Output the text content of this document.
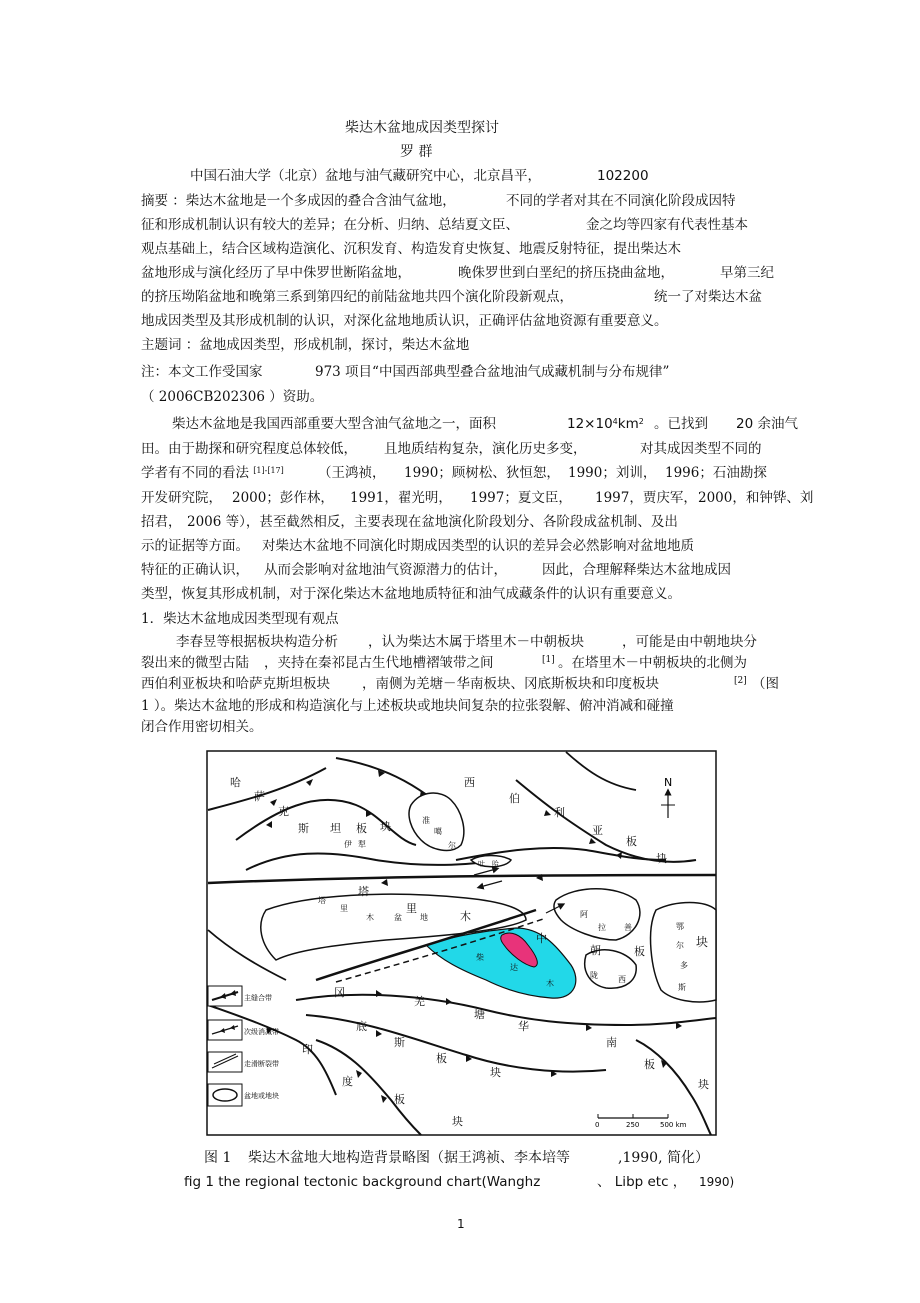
柴达木盆地成因类型探讨
罗 群
中国石油大学（北京）盆地与油气藏研究中心，北京昌平，	102200
摘要 ：柴达木盆地是一个多成因的叠合含油气盆地，	不同的学者对其在不同演化阶段成因特
征和形成机制认识有较大的差异；在分析、归纳、总结夏文臣、	金之均等四家有代表性基本
观点基础上，结合区域构造演化、沉积发育、构造发育史恢复、地震反射特征，提出柴达木
盆地形成与演化经历了早中侏罗世断陷盆地，	晚侏罗世到白垩纪的挤压挠曲盆地，	早第三纪
的挤压坳陷盆地和晚第三系到第四纪的前陆盆地共四个演化阶段新观点，	统一了对柴达木盆
地成因类型及其形成机制的认识，对深化盆地地质认识，正确评估盆地资源有重要意义。
主题词 ：盆地成因类型，形成机制，探讨，柴达木盆地
注：本文工作受国家	973 项目“中国西部典型叠合盆地油气成藏机制与分布规律”
（ 2006CB202306 ）资助。
柴达木盆地是我国西部重要大型含油气盆地之一，面积	$12\times 10^4km^2$ 。已找到 20 余油气
田。由于勘探和研究程度总体较低， 且地质结构复杂，演化历史多变，	对其成因类型不同的
学者有不同的看法 [1]-[17]	（王鸿祯， 1990；顾树松、狄恒恕， 1990；刘训， 1996；石油勘探
开发研究院， 2000；彭作林， 1991，翟光明， 1997；夏文臣， 1997，贾庆军， 2000，和钟铧、刘
招君， 2006 等），甚至截然相反，主要表现在盆地演化阶段划分、各阶段成盆机制、及出
示的证据等方面。 对柴达木盆地不同演化时期成因类型的认识的差异会必然影响对盆地地质
特征的正确认识， 从而会影响对盆地油气资源潜力的估计，	因此，合理解释柴达木盆地成因
类型，恢复其形成机制，对于深化柴达木盆地地质特征和油气成藏条件的认识有重要意义。
1．柴达木盆地成因类型现有观点
李春昱等根据板块构造分析 ，认为柴达木属于塔里木－中朝板块	，可能是由中朝地块分
裂出来的微型古陆 ，夹持在秦祁昆古生代地槽褶皱带之间	[1] 。在塔里木－中朝板块的北侧为
西伯利亚板块和哈萨克斯坦板块 ，南侧为羌塘－华南板块、冈底斯板块和印度板块	[2] （图
1 ）。柴达木盆地的形成和构造演化与上述板块或地块间复杂的拉张裂解、俯冲消减和碰撞
闭合作用密切相关。
N
哈
萨
克
斯 坦 板 块
伊 犁
西
伯
利
亚
板
块
准
噶
尔
吐 哈
塔
里
塔
里
木	盆 地	木
中
朝	板
块
阿
拉 善	鄂
尔
多
斯
柴
达
木
陇	西
冈
羌
塘
华
底
南
斯
板	板
块
块
印
度
板
块
主缝合带
次级消减带
走滑断裂带
盆地或地块
0	250	500 km
图 1 柴达木盆地大地构造背景略图（据王鸿祯、李本培等	,1990, 简化）
fig 1 the regional tectonic background chart(Wanghz	、 Libp etc ， 1990)
1
